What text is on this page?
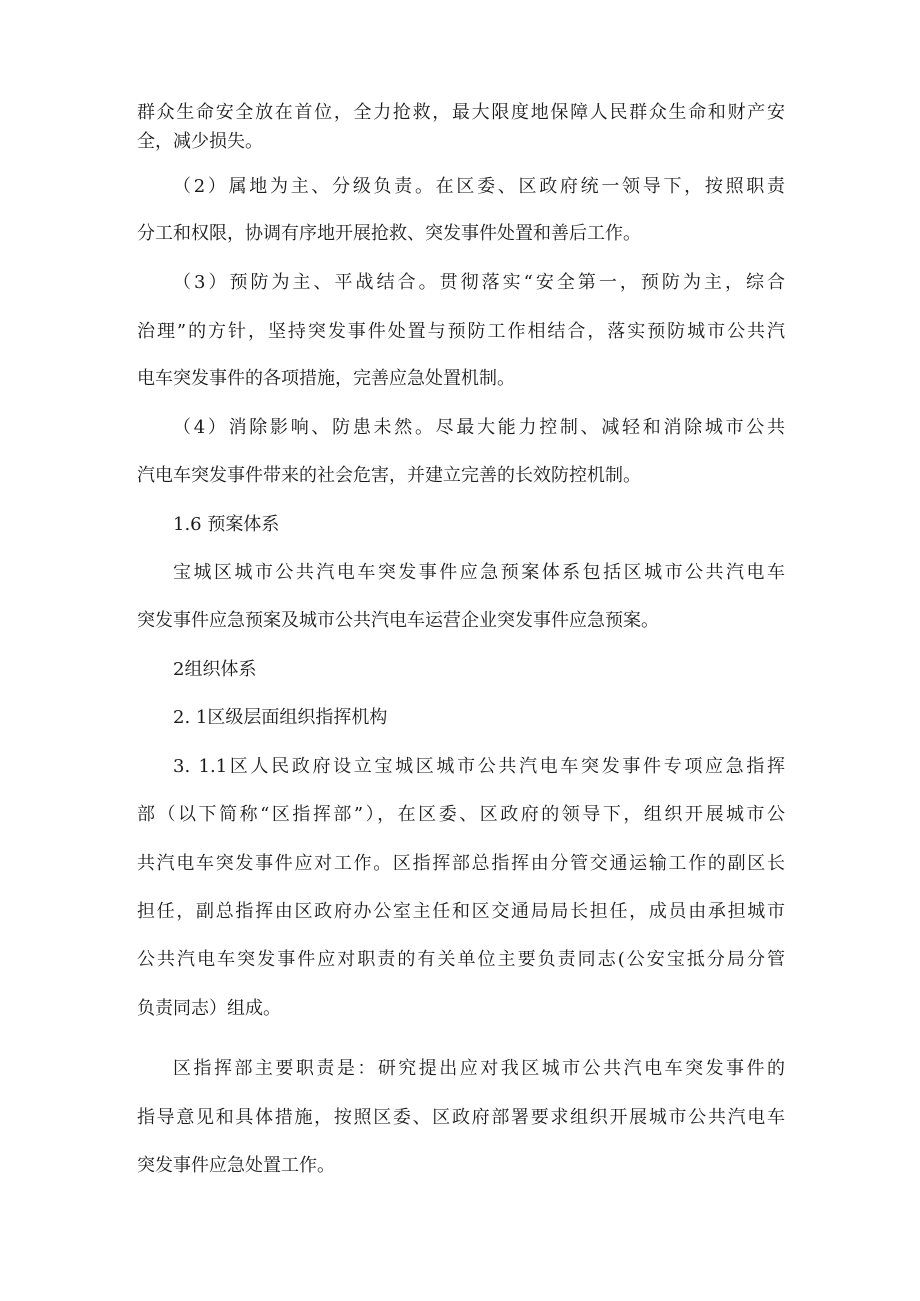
群众生命安全放在首位，全力抢救，最大限度地保障人民群众生命和财产安
全，减少损失。
（2）属地为主、分级负责。在区委、区政府统一领导下，按照职责
分工和权限，协调有序地开展抢救、突发事件处置和善后工作。
（3）预防为主、平战结合。贯彻落实“安全第一，预防为主，综合
治理”的方针，坚持突发事件处置与预防工作相结合，落实预防城市公共汽
电车突发事件的各项措施，完善应急处置机制。
（4）消除影响、防患未然。尽最大能力控制、减轻和消除城市公共
汽电车突发事件带来的社会危害，并建立完善的长效防控机制。
1.6 预案体系
宝城区城市公共汽电车突发事件应急预案体系包括区城市公共汽电车
突发事件应急预案及城市公共汽电车运营企业突发事件应急预案。
2组织体系
2. 1区级层面组织指挥机构
3. 1.1区人民政府设立宝城区城市公共汽电车突发事件专项应急指挥
部（以下简称“区指挥部”），在区委、区政府的领导下，组织开展城市公
共汽电车突发事件应对工作。区指挥部总指挥由分管交通运输工作的副区长
担任，副总指挥由区政府办公室主任和区交通局局长担任，成员由承担城市
公共汽电车突发事件应对职责的有关单位主要负责同志(公安宝抵分局分管
负责同志）组成。
区指挥部主要职责是：研究提出应对我区城市公共汽电车突发事件的
指导意见和具体措施，按照区委、区政府部署要求组织开展城市公共汽电车
突发事件应急处置工作。
